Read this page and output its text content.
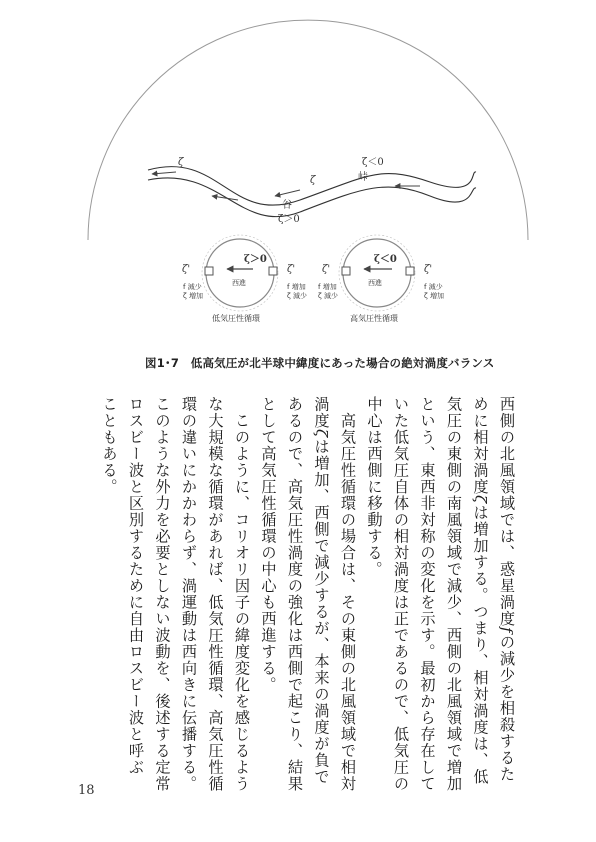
ζ	ζ＜0
峠
ζ
谷
ζ＞0
ζ＞0
西進
ζ'	ζ'
f 減少
ζ 増加
f 増加
ζ 減少
低気圧性循環
ζ＜0
西進
ζ'	ζ'
f 増加
ζ 減少
f 減少
ζ 増加
高気圧性循環
図1･7　低高気圧が北半球中緯度にあった場合の絶対渦度バランス

西側の北風領域では、惑星渦度fの減少を相殺するた

めに相対渦度ζは増加する。つまり、相対渦度は、低

気圧の東側の南風領域で減少、西側の北風領域で増加

という、東西非対称の変化を示す。最初から存在して

いた低気圧自体の相対渦度は正であるので、低気圧の

中心は西側に移動する。

　高気圧性循環の場合は、その東側の北風領域で相対

渦度ζは増加、西側で減少するが、本来の渦度が負で

あるので、高気圧性渦度の強化は西側で起こり、結果

として高気圧性循環の中心も西進する。

　このように、コリオリ因子の緯度変化を感じるよう

な大規模な循環があれば、低気圧性循環、高気圧性循

環の違いにかかわらず、渦運動は西向きに伝播する。

このような外力を必要としない波動を、後述する定常

ロスビー波と区別するために自由ロスビー波と呼ぶ

こともある。

18
